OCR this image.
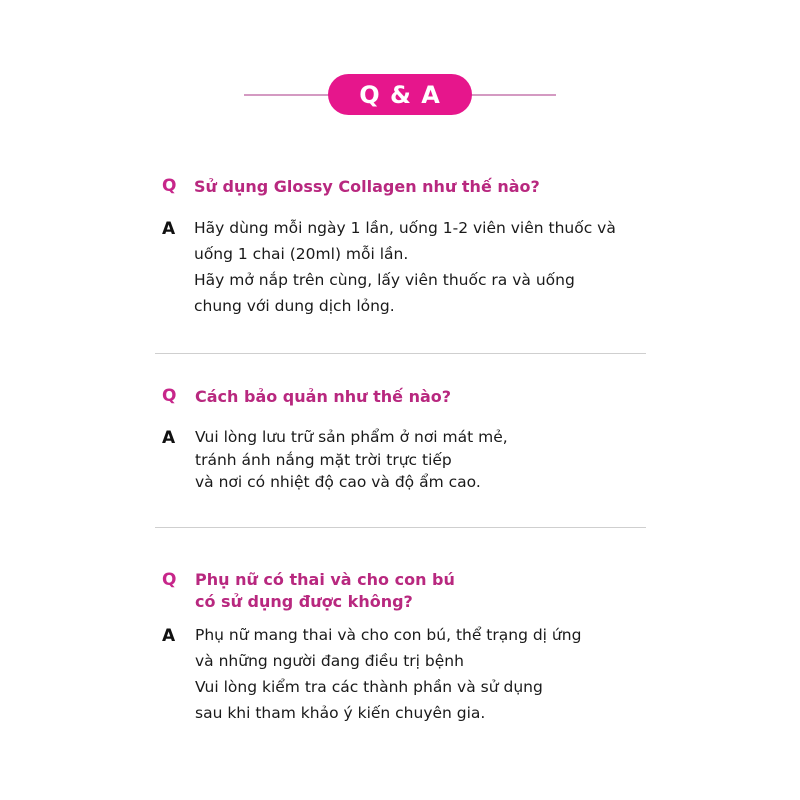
Q & A
Q Sử dụng Glossy Collagen như thế nào?
A Hãy dùng mỗi ngày 1 lần, uống 1-2 viên viên thuốc và
uống 1 chai (20ml) mỗi lần.
Hãy mở nắp trên cùng, lấy viên thuốc ra và uống
chung với dung dịch lỏng.
Q Cách bảo quản như thế nào?
A Vui lòng lưu trữ sản phẩm ở nơi mát mẻ,
tránh ánh nắng mặt trời trực tiếp
và nơi có nhiệt độ cao và độ ẩm cao.
Q Phụ nữ có thai và cho con bú
có sử dụng được không?
A Phụ nữ mang thai và cho con bú, thể trạng dị ứng
và những người đang điều trị bệnh
Vui lòng kiểm tra các thành phần và sử dụng
sau khi tham khảo ý kiến chuyên gia.
